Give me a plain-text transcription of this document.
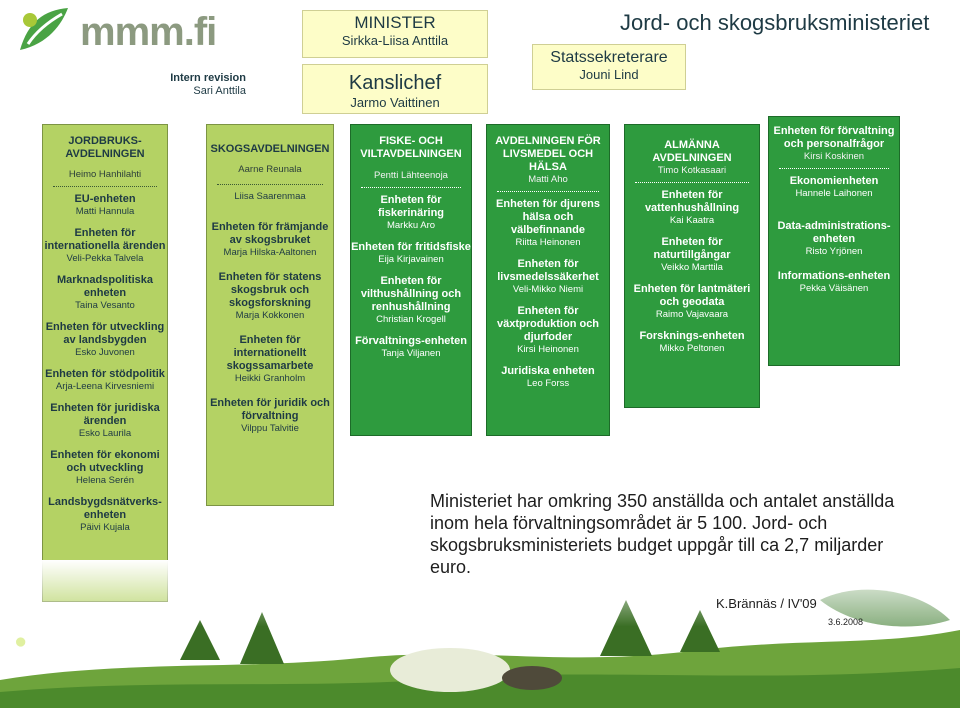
mmm.fi	Jord- och skogsbruksministeriet
MINISTER
Sirkka-Liisa Anttila
Kanslichef
Jarmo Vaittinen
Statssekreterare
Jouni Lind
Intern revision
Sari Anttila
JORDBRUKS-AVDELNINGEN
Heimo Hanhilahti
EU-enheten
Matti Hannula
Enheten för internationella ärenden
Veli-Pekka Talvela
Marknadspolitiska enheten
Taina Vesanto
Enheten för utveckling av landsbygden
Esko Juvonen
Enheten för stödpolitik
Arja-Leena Kirvesniemi
Enheten för juridiska ärenden
Esko Laurila
Enheten för ekonomi och utveckling
Helena Serén
Landsbygdsnätverks-enheten
Päivi Kujala
SKOGSAVDELNINGEN
Aarne Reunala
Liisa Saarenmaa
Enheten för främjande av skogsbruket
Marja Hilska-Aaltonen
Enheten för statens skogsbruk och skogsforskning
Marja Kokkonen
Enheten för internationellt skogssamarbete
Heikki Granholm
Enheten för juridik och förvaltning
Vilppu Talvitie
FISKE- OCH VILTAVDELNINGEN
Pentti Lähteenoja
Enheten för fiskerinäring
Markku Aro
Enheten för fritidsfiske
Eija Kirjavainen
Enheten för vilthushållning och renhushållning
Christian Krogell
Förvaltnings-enheten
Tanja Viljanen
AVDELNINGEN FÖR LIVSMEDEL OCH HÄLSA
Matti Aho
Enheten för djurens hälsa och välbefinnande
Riitta Heinonen
Enheten för livsmedelssäkerhet
Veli-Mikko Niemi
Enheten för växtproduktion och djurfoder
Kirsi Heinonen
Juridiska enheten
Leo Forss
ALMÄNNA AVDELNINGEN
Timo Kotkasaari
Enheten för vattenhushållning
Kai Kaatra
Enheten för naturtillgångar
Veikko Marttila
Enheten för lantmäteri och geodata
Raimo Vajavaara
Forsknings-enheten
Mikko Peltonen
Enheten för förvaltning och personalfrågor
Kirsi Koskinen
Ekonomienheten
Hannele Laihonen
Data-administrations-enheten
Risto Yrjönen
Informations-enheten
Pekka Väisänen
mmm.fi
Ministeriet har omkring 350 anställda och antalet anställda inom hela förvaltningsområdet är 5 100. Jord- och skogsbruksministeriets budget uppgår till ca 2,7 miljarder euro.
K.Brännäs / IV'09
3.6.2008
